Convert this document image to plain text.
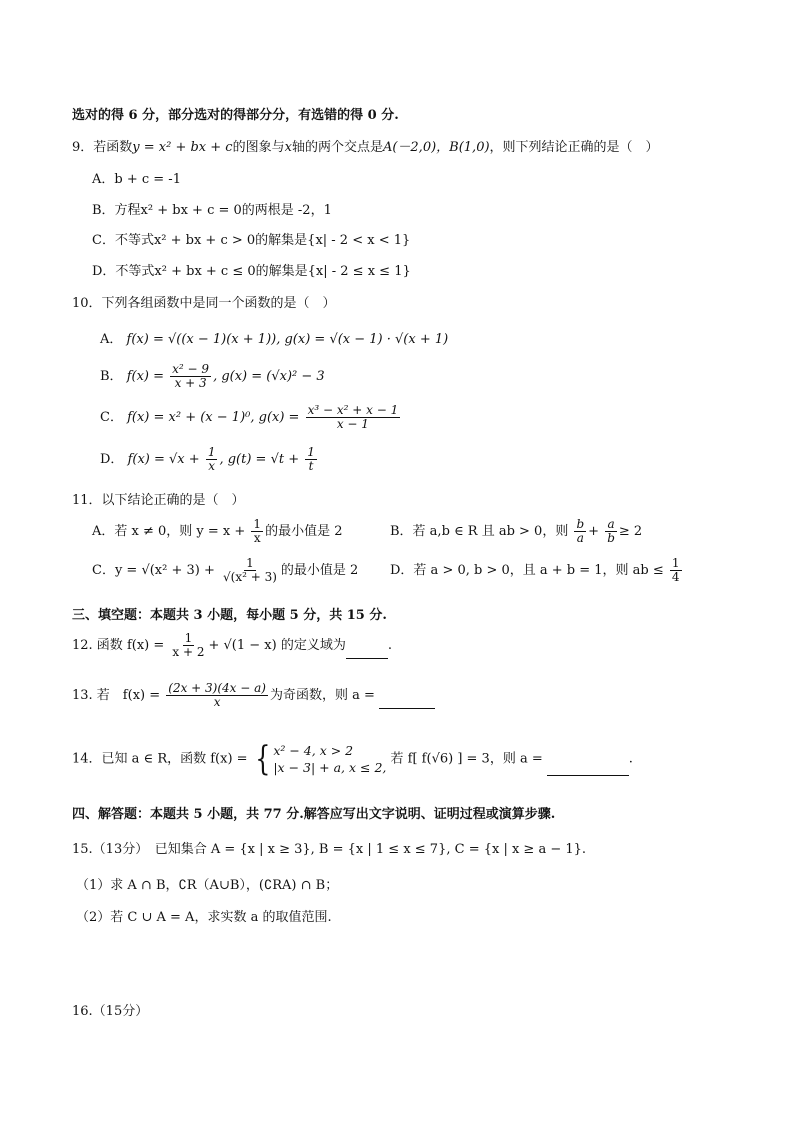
选对的得 6 分，部分选对的得部分分，有选错的得 0 分.
9．若函数y = x² + bx + c的图象与x轴的两个交点是A(－2,0)，B(1,0)，则下列结论正确的是（　）
A．b + c = -1
B．方程x² + bx + c = 0的两根是 -2，1
C．不等式x² + bx + c > 0的解集是{x| - 2 < x < 1}
D．不等式x² + bx + c ≤ 0的解集是{x| - 2 ≤ x ≤ 1}
10．下列各组函数中是同一个函数的是（　）
A． f(x) = √((x − 1)(x + 1)), g(x) = √(x − 1) · √(x + 1)
B． $f(x) = \frac{\text{x² − 9}}{x + 3}$ , g(x) = (√x)² − 3
C． f(x) = x² + (x − 1)⁰, $g(x) = \frac{\text{x³ − x² + x − 1}}{x - 1}$
D． $f(x) = √x + \frac{1}{x}$ , $g(t) = √t + \frac{1}{t}$
11．以下结论正确的是（　）
A．若 x ≠ 0，则 $y = x + \frac{1}{x}$ 的最小值是 2	B．若 a,b ∈ R 且 ab > 0，则 $\frac{b}{a} + \frac{a}{b} \ge 2$
C．$y = √(x^2 + 3) + \frac{1}{\text{√(x² + 3)}}$ 的最小值是 2 D．若 a > 0, b > 0，且 a + b = 1，则 ab ≤ $\frac{1}{4}$
三、填空题：本题共 3 小题，每小题 5 分，共 15 分.
12. 函数 $f(x) = \frac{1}{x + 2} + √(1 - x)$ 的定义域为	.
13. 若　$f(x) = \frac{(2x + 3)(4x - a)}{x}$ 为奇函数，则 a =
14．已知 a ∈ R，函数 f(x) = { x² − 4, x > 2
|x − 3| + a, x ≤ 2,
若 f[ f(√6) ] = 3，则 a =	.
四、解答题：本题共 5 小题，共 77 分.解答应写出文字说明、证明过程或演算步骤.
15.（13分）　已知集合 A = {x | x ≥ 3}, B = {x | 1 ≤ x ≤ 7}, C = {x | x ≥ a − 1}.
（1）求 A ∩ B，∁R（A∪B），(∁RA) ∩ B；
（2）若 C ∪ A = A，求实数 a 的取值范围.
16.（15分）
